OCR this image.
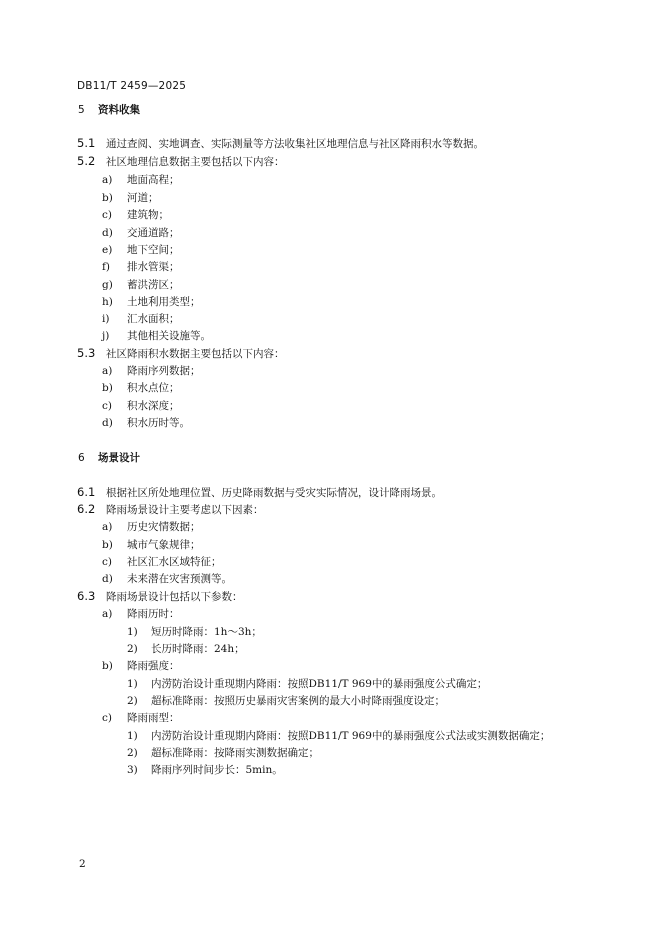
DB11/T 2459—2025
5 资料收集
5.1 通过查阅、实地调查、实际测量等方法收集社区地理信息与社区降雨积水等数据。
5.2 社区地理信息数据主要包括以下内容：
a) 地面高程；
b) 河道；
c) 建筑物；
d) 交通道路；
e) 地下空间；
f) 排水管渠；
g) 蓄洪涝区；
h) 土地利用类型；
i) 汇水面积；
j) 其他相关设施等。
5.3 社区降雨积水数据主要包括以下内容：
a) 降雨序列数据；
b) 积水点位；
c) 积水深度；
d) 积水历时等。
6 场景设计
6.1 根据社区所处地理位置、历史降雨数据与受灾实际情况，设计降雨场景。
6.2 降雨场景设计主要考虑以下因素：
a) 历史灾情数据；
b) 城市气象规律；
c) 社区汇水区域特征；
d) 未来潜在灾害预测等。
6.3 降雨场景设计包括以下参数：
a) 降雨历时：
1) 短历时降雨：1h～3h；
2) 长历时降雨：24h；
b) 降雨强度：
1) 内涝防治设计重现期内降雨：按照DB11/T 969中的暴雨强度公式确定；
2) 超标准降雨：按照历史暴雨灾害案例的最大小时降雨强度设定；
c) 降雨雨型：
1) 内涝防治设计重现期内降雨：按照DB11/T 969中的暴雨强度公式法或实测数据确定；
2) 超标准降雨：按降雨实测数据确定；
3) 降雨序列时间步长：5min。
2
